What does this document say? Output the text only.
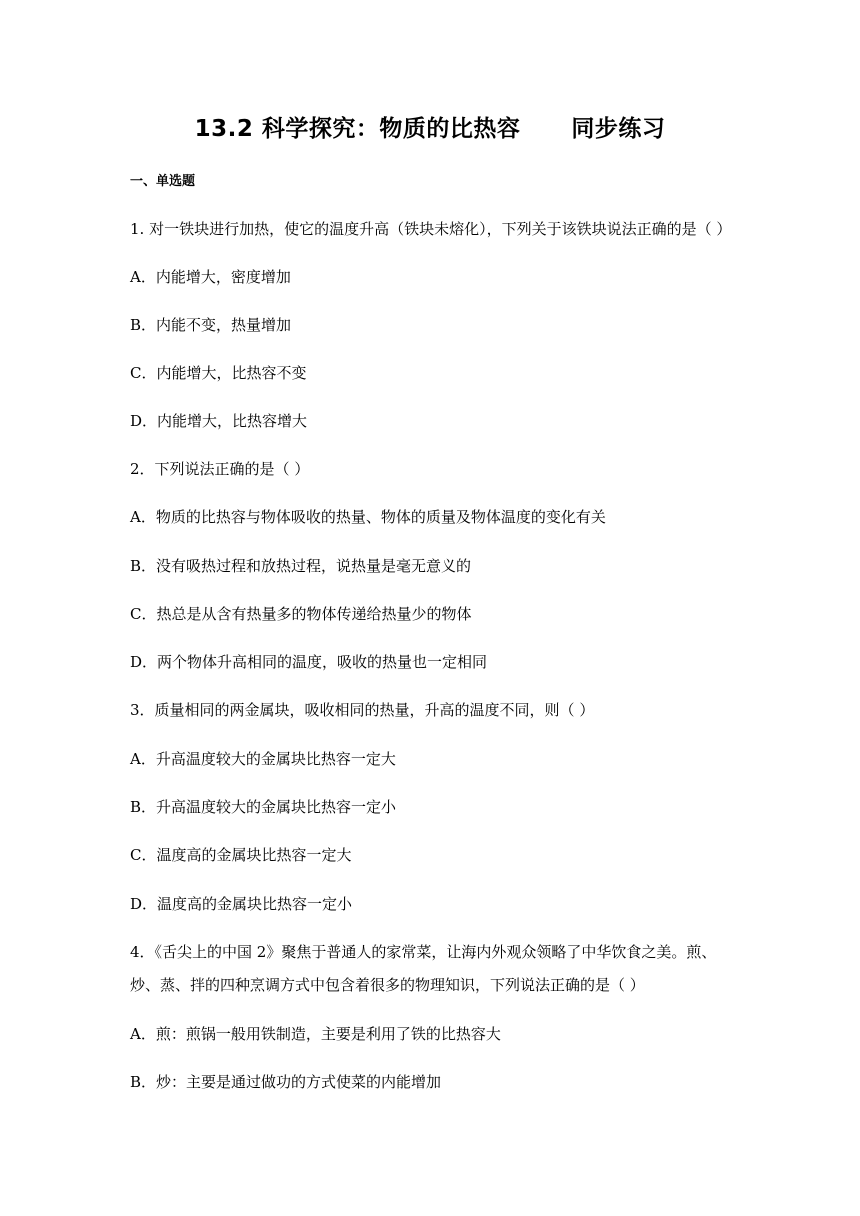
13.2 科学探究：物质的比热容      同步练习
一、单选题
1. 对一铁块进行加热，使它的温度升高（铁块未熔化），下列关于该铁块说法正确的是（ ）
A．内能增大，密度增加
B．内能不变，热量增加
C．内能增大，比热容不变
D．内能增大，比热容增大
2．下列说法正确的是（ ）
A．物质的比热容与物体吸收的热量、物体的质量及物体温度的变化有关
B．没有吸热过程和放热过程，说热量是毫无意义的
C．热总是从含有热量多的物体传递给热量少的物体
D．两个物体升高相同的温度，吸收的热量也一定相同
3．质量相同的两金属块，吸收相同的热量，升高的温度不同，则（ ）
A．升高温度较大的金属块比热容一定大
B．升高温度较大的金属块比热容一定小
C．温度高的金属块比热容一定大
D．温度高的金属块比热容一定小
4．《舌尖上的中国 2》聚焦于普通人的家常菜，让海内外观众领略了中华饮食之美。煎、
炒、蒸、拌的四种烹调方式中包含着很多的物理知识，下列说法正确的是（ ）
A．煎：煎锅一般用铁制造，主要是利用了铁的比热容大
B．炒：主要是通过做功的方式使菜的内能增加
